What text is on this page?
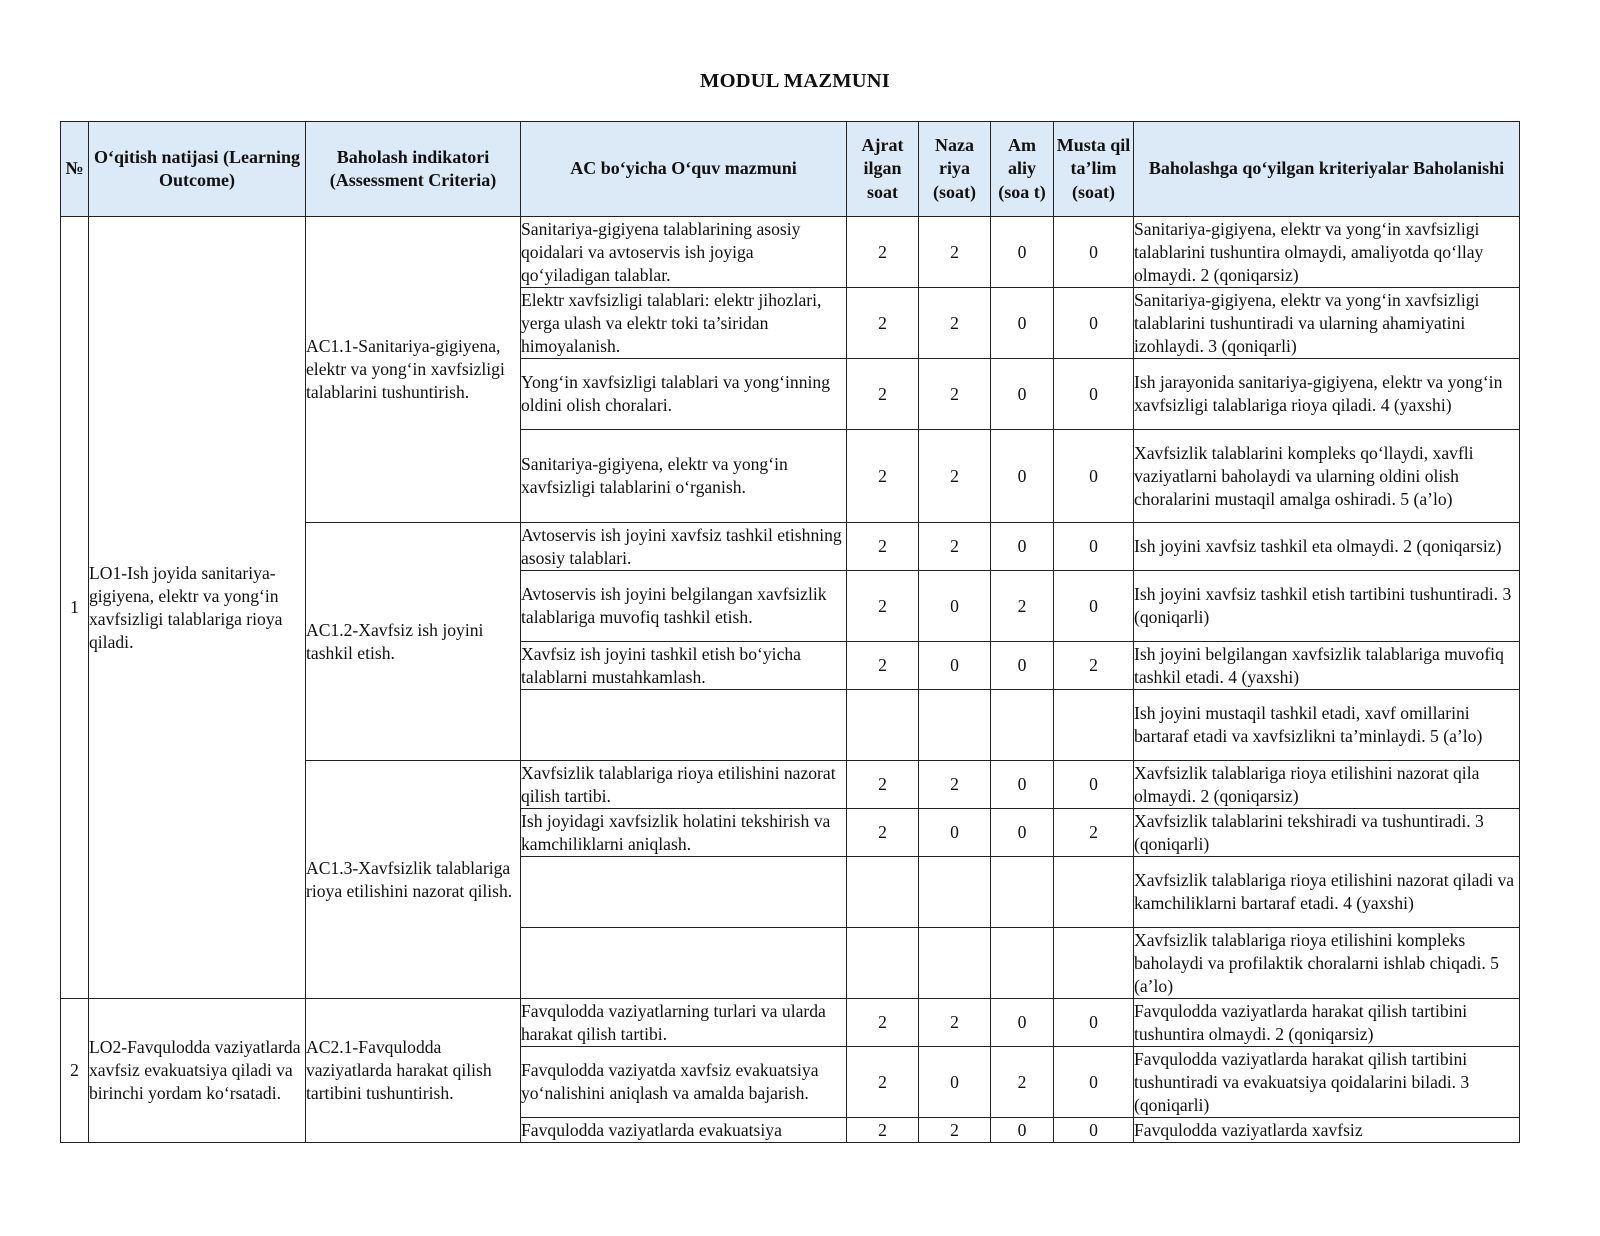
MODUL MAZMUNI
№	O‘qitish natijasi (Learning Outcome)	Baholash indikatori (Assessment Criteria)	AC bo‘yicha O‘quv mazmuni	Ajrat ilgan soat	Naza riya (soat)	Am aliy (soa t)	Musta qil ta’lim (soat)	Baholashga qo‘yilgan kriteriyalar Baholanishi
1	LO1-Ish joyida sanitariya-gigiyena, elektr va yong‘in xavfsizligi talablariga rioya qiladi.	AC1.1-Sanitariya-gigiyena, elektr va yong‘in xavfsizligi talablarini tushuntirish.	Sanitariya-gigiyena talablarining asosiy qoidalari va avtoservis ish joyiga qo‘yiladigan talablar.	2	2	0	0	Sanitariya-gigiyena, elektr va yong‘in xavfsizligi talablarini tushuntira olmaydi, amaliyotda qo‘llay olmaydi. 2 (qoniqarsiz)

			Elektr xavfsizligi talablari: elektr jihozlari, yerga ulash va elektr toki ta’siridan himoyalanish.	2	2	0	0	Sanitariya-gigiyena, elektr va yong‘in xavfsizligi talablarini tushuntiradi va ularning ahamiyatini izohlaydi. 3 (qoniqarli)

			Yong‘in xavfsizligi talablari va yong‘inning oldini olish choralari.	2	2	0	0	Ish jarayonida sanitariya-gigiyena, elektr va yong‘in xavfsizligi talablariga rioya qiladi. 4 (yaxshi)

			Sanitariya-gigiyena, elektr va yong‘in xavfsizligi talablarini o‘rganish.	2	2	0	0	Xavfsizlik talablarini kompleks qo‘llaydi, xavfli vaziyatlarni baholaydi va ularning oldini olish choralarini mustaqil amalga oshiradi. 5 (a’lo)

		AC1.2-Xavfsiz ish joyini tashkil etish.	Avtoservis ish joyini xavfsiz tashkil etishning asosiy talablari.	2	2	0	0	Ish joyini xavfsiz tashkil eta olmaydi. 2 (qoniqarsiz)

			Avtoservis ish joyini belgilangan xavfsizlik talablariga muvofiq tashkil etish.	2	0	2	0	Ish joyini xavfsiz tashkil etish tartibini tushuntiradi. 3 (qoniqarli)

			Xavfsiz ish joyini tashkil etish bo‘yicha talablarni mustahkamlash.	2	0	0	2	Ish joyini belgilangan xavfsizlik talablariga muvofiq tashkil etadi. 4 (yaxshi)

								Ish joyini mustaqil tashkil etadi, xavf omillarini bartaraf etadi va xavfsizlikni ta’minlaydi. 5 (a’lo)

		AC1.3-Xavfsizlik talablariga rioya etilishini nazorat qilish.	Xavfsizlik talablariga rioya etilishini nazorat qilish tartibi.	2	2	0	0	Xavfsizlik talablariga rioya etilishini nazorat qila olmaydi. 2 (qoniqarsiz)

			Ish joyidagi xavfsizlik holatini tekshirish va kamchiliklarni aniqlash.	2	0	0	2	Xavfsizlik talablarini tekshiradi va tushuntiradi. 3 (qoniqarli)

								Xavfsizlik talablariga rioya etilishini nazorat qiladi va kamchiliklarni bartaraf etadi. 4 (yaxshi)

								Xavfsizlik talablariga rioya etilishini kompleks baholaydi va profilaktik choralarni ishlab chiqadi. 5 (a’lo)

2	LO2-Favqulodda vaziyatlarda xavfsiz evakuatsiya qiladi va birinchi yordam ko‘rsatadi.	AC2.1-Favqulodda vaziyatlarda harakat qilish tartibini tushuntirish.	Favqulodda vaziyatlarning turlari va ularda harakat qilish tartibi.	2	2	0	0	Favqulodda vaziyatlarda harakat qilish tartibini tushuntira olmaydi. 2 (qoniqarsiz)

			Favqulodda vaziyatda xavfsiz evakuatsiya yo‘nalishini aniqlash va amalda bajarish.	2	0	2	0	Favqulodda vaziyatlarda harakat qilish tartibini tushuntiradi va evakuatsiya qoidalarini biladi. 3 (qoniqarli)

			Favqulodda vaziyatlarda evakuatsiya	2	2	0	0	Favqulodda vaziyatlarda xavfsiz
